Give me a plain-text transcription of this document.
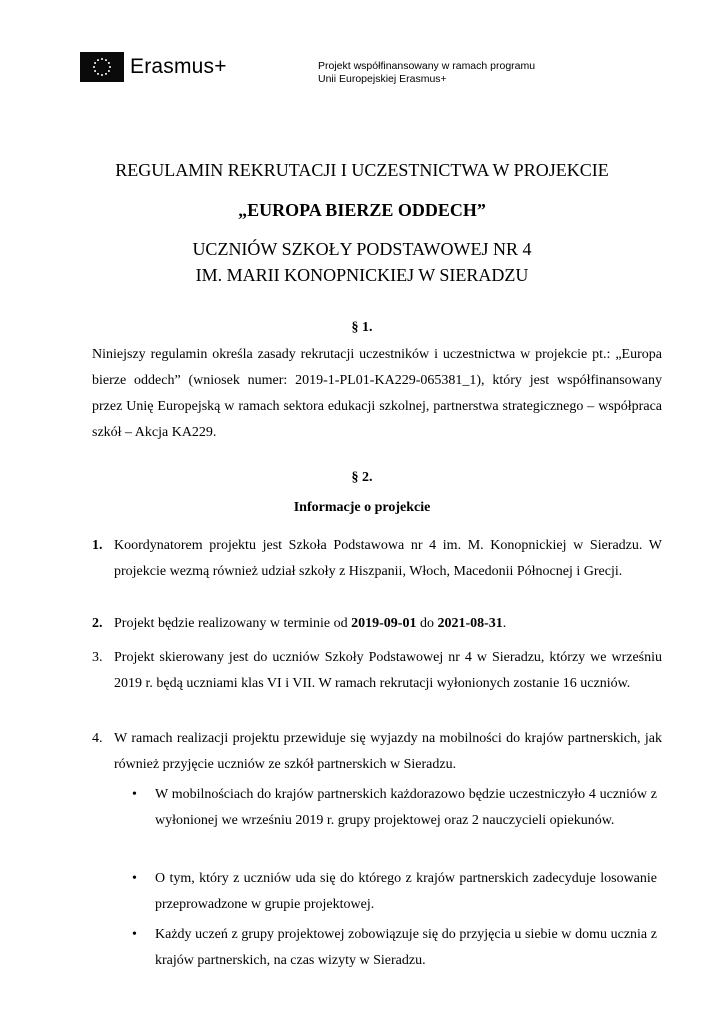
Erasmus+	Projekt współfinansowany w ramach programu
Unii Europejskiej Erasmus+
REGULAMIN REKRUTACJI I UCZESTNICTWA W PROJEKCIE
„EUROPA BIERZE ODDECH”
UCZNIÓW SZKOŁY PODSTAWOWEJ NR 4
IM. MARII KONOPNICKIEJ W SIERADZU
§ 1.
Niniejszy regulamin określa zasady rekrutacji uczestników i uczestnictwa w projekcie pt.: „Europa bierze oddech” (wniosek numer: 2019-1-PL01-KA229-065381_1), który jest współfinansowany przez Unię Europejską w ramach sektora edukacji szkolnej, partnerstwa strategicznego – współpraca szkół – Akcja KA229.
§ 2.
Informacje o projekcie
1. Koordynatorem projektu jest Szkoła Podstawowa nr 4 im. M. Konopnickiej w Sieradzu. W projekcie wezmą również udział szkoły z Hiszpanii, Włoch, Macedonii Północnej i Grecji.
2. Projekt będzie realizowany w terminie od 2019-09-01 do 2021-08-31.
3. Projekt skierowany jest do uczniów Szkoły Podstawowej nr 4 w Sieradzu, którzy we wrześniu 2019 r. będą uczniami klas VI i VII. W ramach rekrutacji wyłonionych zostanie 16 uczniów.
4. W ramach realizacji projektu przewiduje się wyjazdy na mobilności do krajów partnerskich, jak również przyjęcie uczniów ze szkół partnerskich w Sieradzu.
• W mobilnościach do krajów partnerskich każdorazowo będzie uczestniczyło 4 uczniów z wyłonionej we wrześniu 2019 r. grupy projektowej oraz 2 nauczycieli opiekunów.
• O tym, który z uczniów uda się do którego z krajów partnerskich zadecyduje losowanie przeprowadzone w grupie projektowej.
• Każdy uczeń z grupy projektowej zobowiązuje się do przyjęcia u siebie w domu ucznia z krajów partnerskich, na czas wizyty w Sieradzu.
